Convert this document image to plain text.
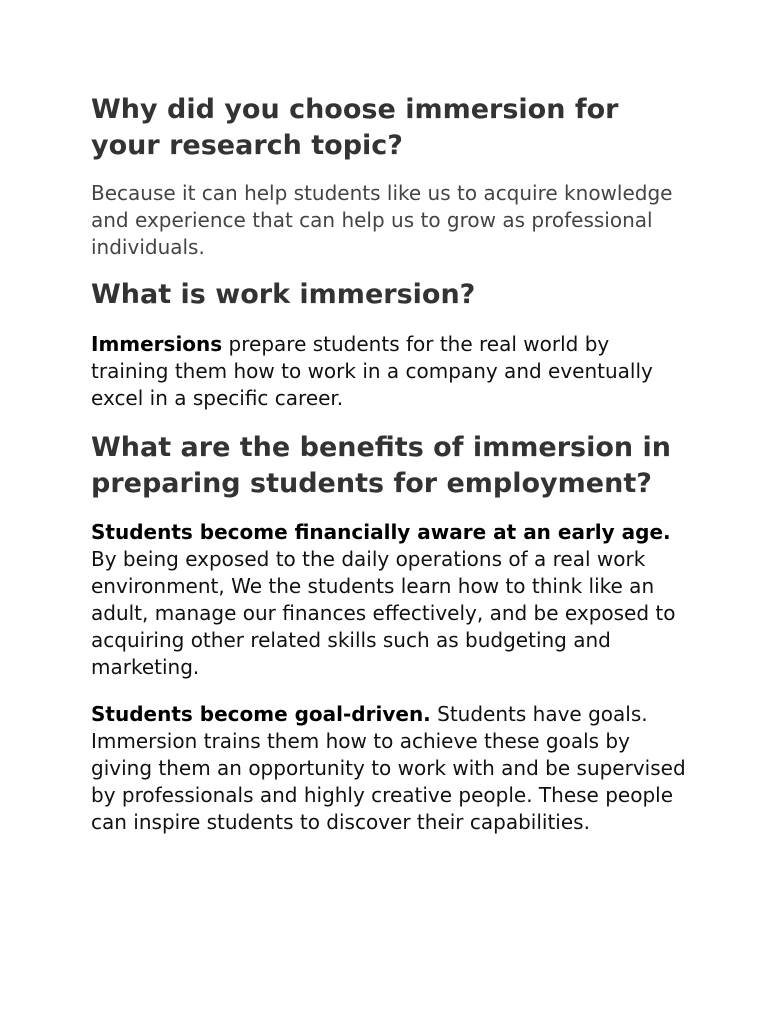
Why did you choose immersion for your research topic?

Because it can help students like us to acquire knowledge and experience that can help us to grow as professional individuals.

What is work immersion?

Immersions prepare students for the real world by training them how to work in a company and eventually excel in a specific career.

What are the benefits of immersion in preparing students for employment?

Students become financially aware at an early age. By being exposed to the daily operations of a real work environment, We the students learn how to think like an adult, manage our finances effectively, and be exposed to acquiring other related skills such as budgeting and marketing.

Students become goal-driven. Students have goals. Immersion trains them how to achieve these goals by giving them an opportunity to work with and be supervised by professionals and highly creative people. These people can inspire students to discover their capabilities.
